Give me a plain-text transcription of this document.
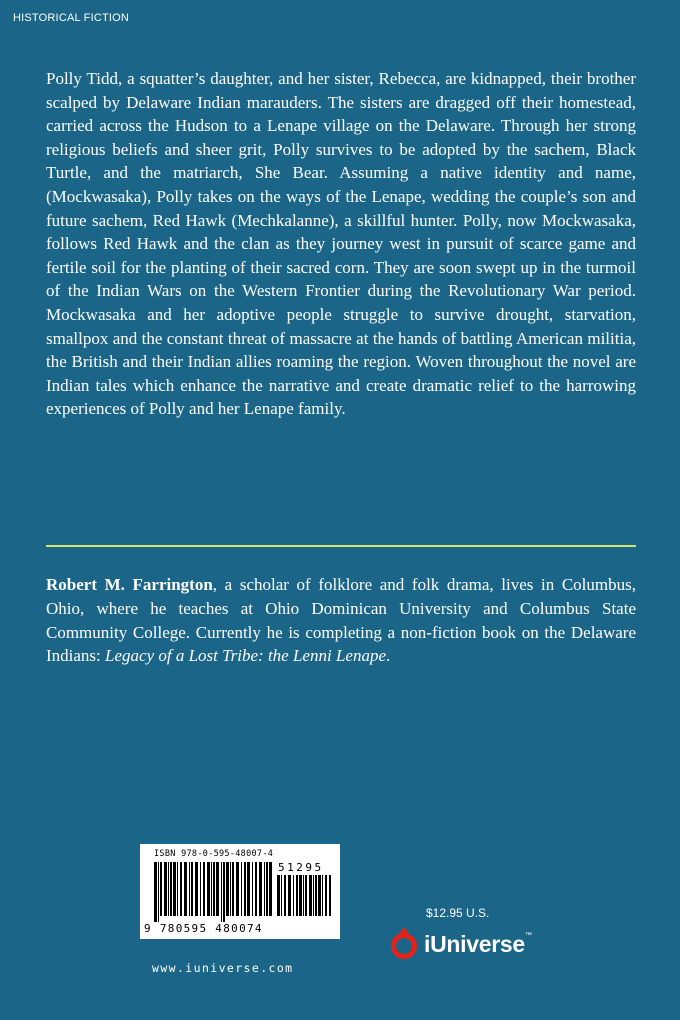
HISTORICAL FICTION

Polly Tidd, a squatter’s daughter, and her sister, Rebecca, are kidnapped, their brother scalped by Delaware Indian marauders. The sisters are dragged off their homestead, carried across the Hudson to a Lenape village on the Delaware. Through her strong religious beliefs and sheer grit, Polly survives to be adopted by the sachem, Black Turtle, and the matriarch, She Bear. Assuming a native identity and name, (Mockwasaka), Polly takes on the ways of the Lenape, wedding the couple’s son and future sachem, Red Hawk (Mechkalanne), a skillful hunter. Polly, now Mockwasaka, follows Red Hawk and the clan as they journey west in pursuit of scarce game and fertile soil for the planting of their sacred corn. They are soon swept up in the turmoil of the Indian Wars on the Western Frontier during the Revolutionary War period. Mockwasaka and her adoptive people struggle to survive drought, starvation, smallpox and the constant threat of massacre at the hands of battling American militia, the British and their Indian allies roaming the region. Woven throughout the novel are Indian tales which enhance the narrative and create dramatic relief to the harrowing experiences of Polly and her Lenape family.

Robert M. Farrington, a scholar of folklore and folk drama, lives in Columbus, Ohio, where he teaches at Ohio Dominican University and Columbus State Community College. Currently he is completing a non-fiction book on the Delaware Indians: Legacy of a Lost Tribe: the Lenni Lenape.

ISBN 978-0-595-48007-4
51295
9 780595 480074
www.iuniverse.com
$12.95 U.S.
iUniverse ™
